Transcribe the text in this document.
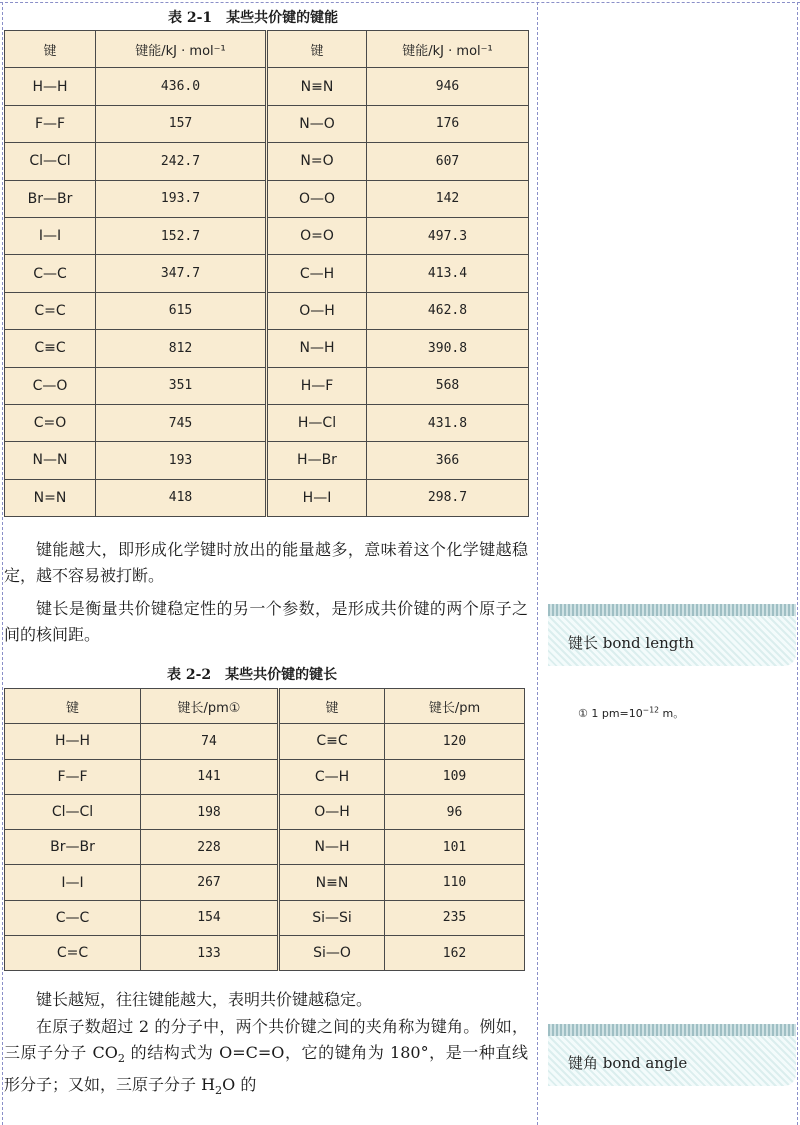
表 2-1　某些共价键的键能
键	键能/kJ · mol⁻¹	键	键能/kJ · mol⁻¹
H—H	436.0	N≡N	946
F—F	157	N—O	176
Cl—Cl	242.7	N=O	607
Br—Br	193.7	O—O	142
I—I	152.7	O=O	497.3
C—C	347.7	C—H	413.4
C=C	615	O—H	462.8
C≡C	812	N—H	390.8
C—O	351	H—F	568
C=O	745	H—Cl	431.8
N—N	193	H—Br	366
N=N	418	H—I	298.7

键能越大，即形成化学键时放出的能量越多，意味着这个化学键越稳定，越不容易被打断。

键长是衡量共价键稳定性的另一个参数，是形成共价键的两个原子之间的核间距。	键长 bond length
表 2-2　某些共价键的键长
键	键长/pm①	键	键长/pm
H—H	74	C≡C	120
F—F	141	C—H	109
Cl—Cl	198	O—H	96
Br—Br	228	N—H	101
I—I	267	N≡N	110
C—C	154	Si—Si	235
C=C	133	Si—O	162
① 1 $pm=10^{-12}$ m。

键长越短，往往键能越大，表明共价键越稳定。

在原子数超过 2 的分子中，两个共价键之间的夹角称为键角。例如，三原子分子 $CO_2$ 的结构式为 O=C=O，它的键角为 180°，是一种直线形分子；又如，三原子分子 $H_2O$ 的

键角 bond angle
